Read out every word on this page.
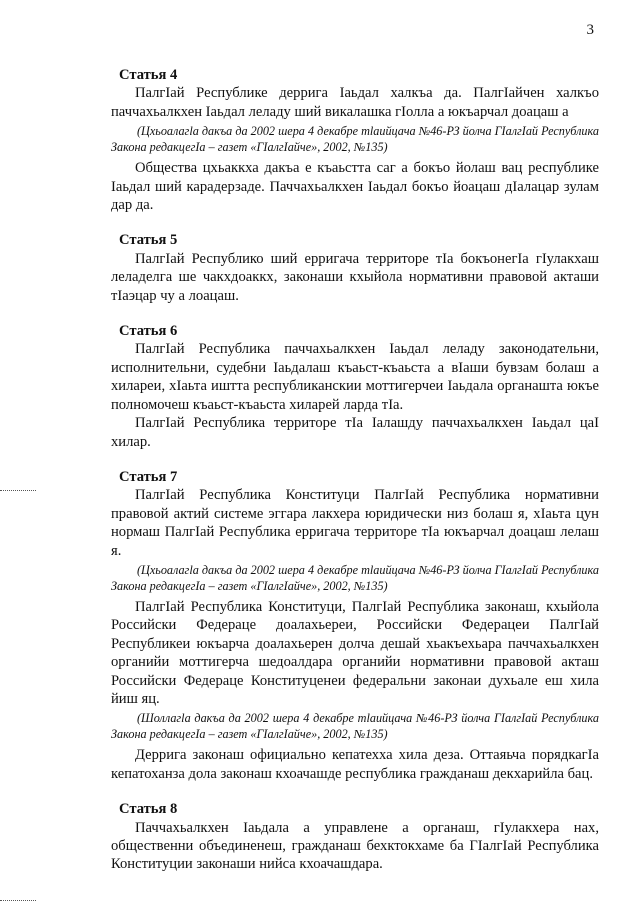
3
Статья 4

ПалгIай Республике деррига Iаьдал халкъа да. ПалгIайчен халкъо паччахьалкхен Iаьдал леладу ший викалашка гIолла а юкъарчал доацаш а

(Цхьоалагlа дакъа да 2002 шера 4 декабре тlаийцача №46-РЗ йолча ГIалгIай Республика Закона редакцегIа – газет «ГIалгIайче», 2002, №135)

Общества цхьаккха дакъа е къаьстта саг а бокъо йолаш вац республике Iаьдал ший карадерзаде. Паччахьалкхен Iаьдал бокъо йоацаш дIалацар зулам дар да.

Статья 5

ПалгIай Республико ший ерригача территоре тIа бокъонегIа гIулакхаш леладелга ше чакхдоаккх, законаши кхыйола нормативни правовой акташи тIаэцар чу а лоацаш.

Статья 6

ПалгIай Республика паччахьалкхен Iаьдал леладу законодательни, исполнительни, судебни Iаьдалаш къаьст-къаьста а вIаши бувзам болаш а хилареи, хIаьта иштта республиканскии моттигерчеи Iаьдала органашта юкъе полномочеш къаьст-къаьста хиларей ларда тIа.

ПалгIай Республика территоре тIа Iалашду паччахьалкхен Iаьдал цаI хилар.

Статья 7

ПалгIай Республика Конституци ПалгIай Республика нормативни правовой актий системе эггара лакхера юридически низ болаш я, хIаьта цун нормаш ПалгIай Республика ерригача территоре тIа юкъарчал доацаш лелаш я.

(Цхьоалагlа дакъа да 2002 шера 4 декабре тlаийцача №46-РЗ йолча ГIалгIай Республика Закона редакцегIа – газет «ГIалгIайче», 2002, №135)

ПалгIай Республика Конституци, ПалгIай Республика законаш, кхыйола Российски Федераце доалахьереи, Российски Федерацеи ПалгIай Республикеи юкъарча доалахьерен долча дешай хьакъехьара паччахьалкхен органийи моттигерча шедоалдара органийи нормативни правовой акташ Российски Федераце Конституценеи федеральни законаи духьале еш хила йиш яц.

(Шоллагlа дакъа да 2002 шера 4 декабре тlаийцача №46-РЗ йолча ГIалгIай Республика Закона редакцегIа – газет «ГIалгIайче», 2002, №135)

Деррига законаш официально кепатехха хила деза. Оттаяьча порядкагIа кепатоханза дола законаш кхоачашде республика гражданаш декхарийла бац.

Статья 8

Паччахьалкхен Iаьдала а управлене а органаш, гIулакхера нах, общественни объединенеш, гражданаш бехктокхаме ба ГIалгIай Республика Конституции законаши нийса кхоачашдара.
